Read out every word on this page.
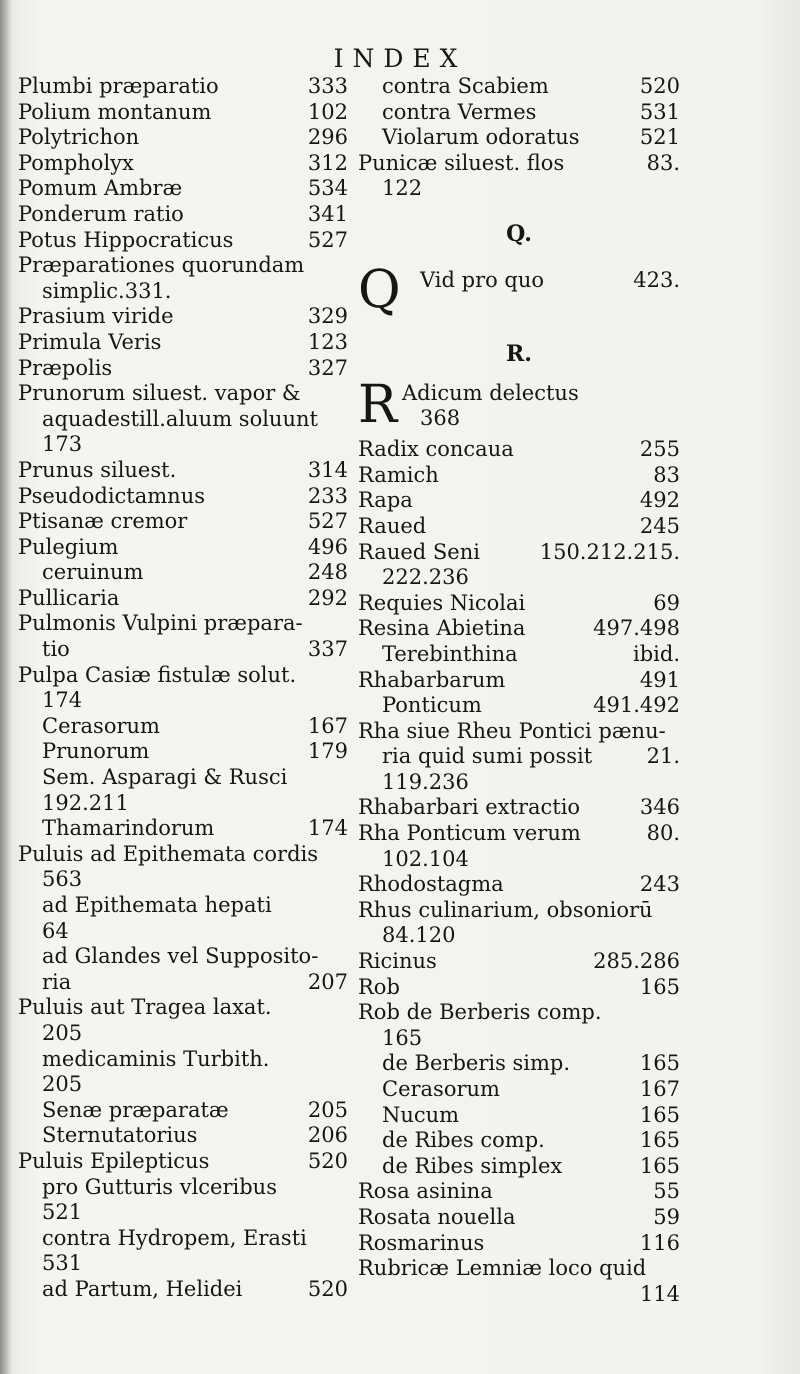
INDEX
Plumbi præparatio	333
Polium montanum	102
Polytrichon	296
Pompholyx	312
Pomum Ambræ	534
Ponderum ratio	341
Potus Hippocraticus	527
Præparationes quorundam
simplic.331.
Prasium viride	329
Primula Veris	123
Præpolis	327
Prunorum siluest. vapor &
aquadestill.aluum soluunt
173
Prunus siluest.	314
Pseudodictamnus	233
Ptisanæ cremor	527
Pulegium	496
ceruinum	248
Pullicaria	292
Pulmonis Vulpini præpara-
tio	337
Pulpa Casiæ fistulæ solut.
174
Cerasorum	167
Prunorum	179
Sem. Asparagi & Rusci
192.211
Thamarindorum	174
Puluis ad Epithemata cordis
563
ad Epithemata hepati
64
ad Glandes vel Supposito-
ria	207
Puluis aut Tragea laxat.
205
medicaminis Turbith.
205
Senæ præparatæ	205
Sternutatorius	206
Puluis Epilepticus	520
pro Gutturis vlceribus
521
contra Hydropem, Erasti
531
ad Partum, Helidei	520
contra Scabiem	520
contra Vermes	531
Violarum odoratus	521
Punicæ siluest. flos	83.
122
Q.
Q Vid pro quo	423.
R.
R Adicum delectus
368
Radix concaua	255
Ramich	83
Rapa	492
Raued	245
Raued Seni	150.212.215.
222.236
Requies Nicolai	69
Resina Abietina	497.498
Terebinthina	ibid.
Rhabarbarum	491
Ponticum	491.492
Rha siue Rheu Pontici pænu-
ria quid sumi possit	21.
119.236
Rhabarbari extractio	346
Rha Ponticum verum	80.
102.104
Rhodostagma	243
Rhus culinarium, obsoniorū
84.120
Ricinus	285.286
Rob	165
Rob de Berberis comp.
165
de Berberis simp.	165
Cerasorum	167
Nucum	165
de Ribes comp.	165
de Ribes simplex	165
Rosa asinina	55
Rosata nouella	59
Rosmarinus	116
Rubricæ Lemniæ loco quid
114
